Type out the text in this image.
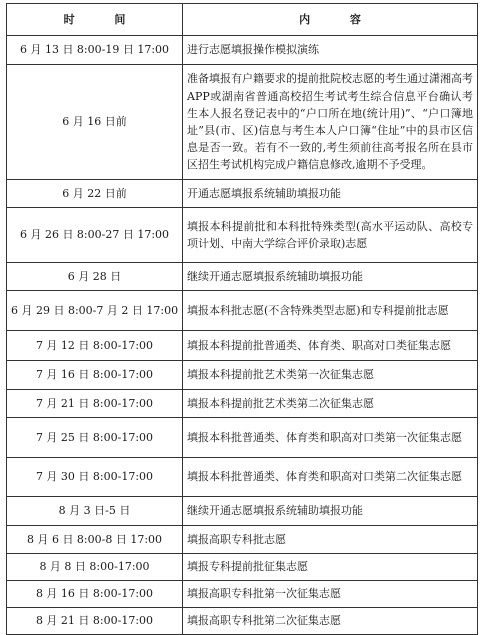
时 间	内 容
6 月 13 日 8:00-19 日 17:00	进行志愿填报操作模拟演练
6 月 16 日前	准备填报有户籍要求的提前批院校志愿的考生通过潇湘高考APP或湖南省普通高校招生考试考生综合信息平台确认考生本人报名登记表中的“户口所在地(统计用)”、“户口簿地址”县(市、区)信息与考生本人户口簿“住址”中的县市区信息是否一致。若有不一致的,考生须前往高考报名所在县市区招生考试机构完成户籍信息修改,逾期不予受理。
6 月 22 日前	开通志愿填报系统辅助填报功能
6 月 26 日 8:00-27 日 17:00	填报本科提前批和本科批特殊类型(高水平运动队、高校专项计划、中南大学综合评价录取)志愿
6 月 28 日	继续开通志愿填报系统辅助填报功能
6 月 29 日 8:00-7 月 2 日 17:00	填报本科批志愿(不含特殊类型志愿)和专科提前批志愿
7 月 12 日 8:00-17:00	填报本科提前批普通类、体育类、职高对口类征集志愿
7 月 16 日 8:00-17:00	填报本科提前批艺术类第一次征集志愿
7 月 21 日 8:00-17:00	填报本科提前批艺术类第二次征集志愿
7 月 25 日 8:00-17:00	填报本科批普通类、体育类和职高对口类第一次征集志愿
7 月 30 日 8:00-17:00	填报本科批普通类、体育类和职高对口类第二次征集志愿
8 月 3 日-5 日	继续开通志愿填报系统辅助填报功能
8 月 6 日 8:00-8 日 17:00	填报高职专科批志愿
8 月 8 日 8:00-17:00	填报专科提前批征集志愿
8 月 16 日 8:00-17:00	填报高职专科批第一次征集志愿
8 月 21 日 8:00-17:00	填报高职专科批第二次征集志愿
